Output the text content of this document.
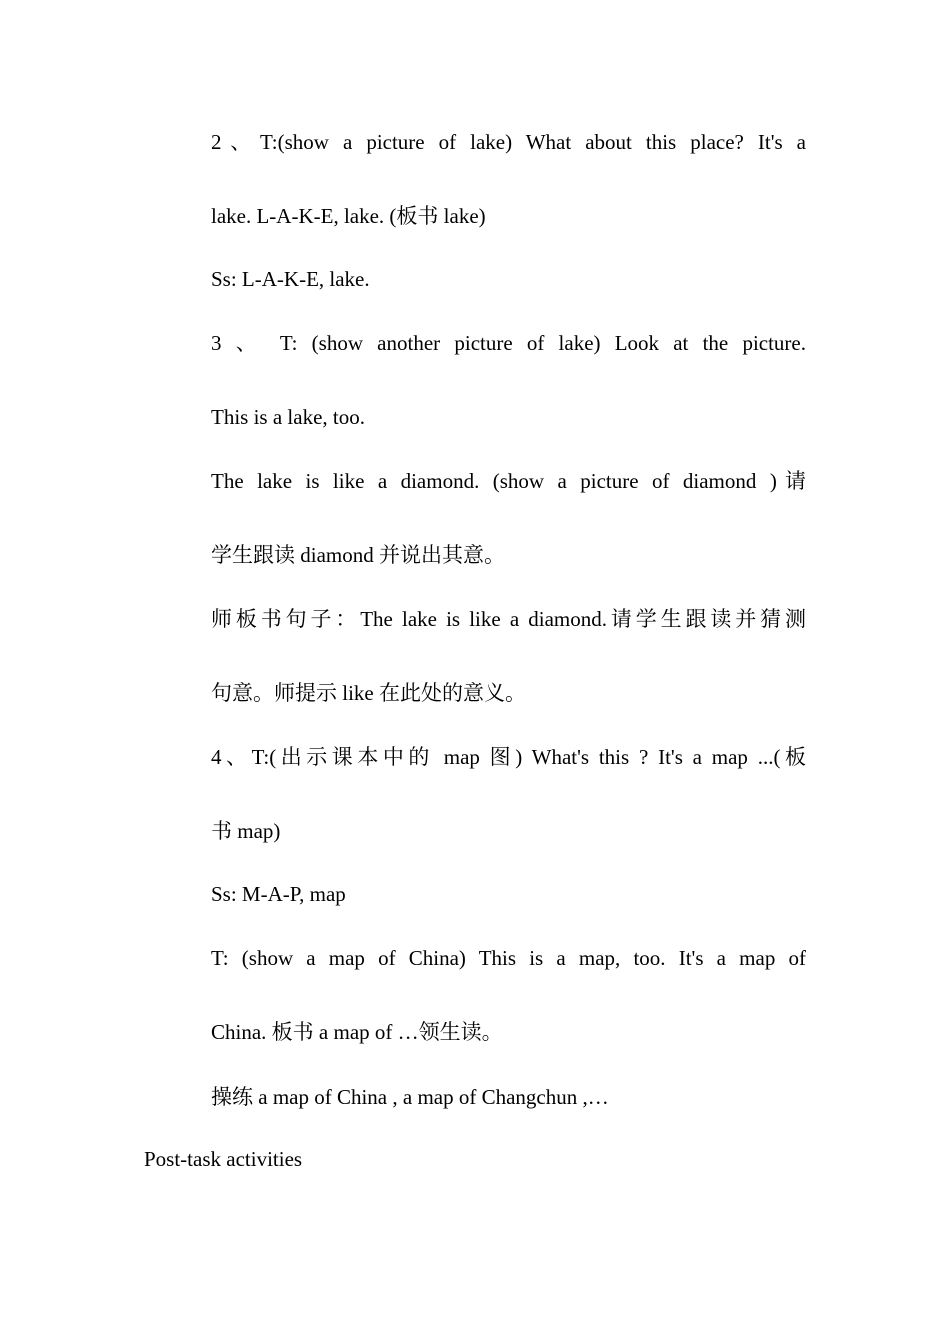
2、T:(show a picture of lake) What about this place? It's a

lake. L-A-K-E, lake. (板书 lake)

Ss: L-A-K-E, lake.

3 、 T: (show another picture of lake) Look at the picture.

This is a lake, too.

The lake is like a diamond. (show a picture of diamond )请

学生跟读 diamond 并说出其意。

师板书句子：The lake is like a diamond.请学生跟读并猜测

句意。师提示 like 在此处的意义。

4、T:(出示课本中的 map 图) What's this ? It's a map ...(板

书 map)

Ss: M-A-P, map

T: (show a map of China) This is a map, too. It's a map of

China. 板书 a map of …领生读。

操练 a map of China , a map of Changchun ,…

Post-task activities
